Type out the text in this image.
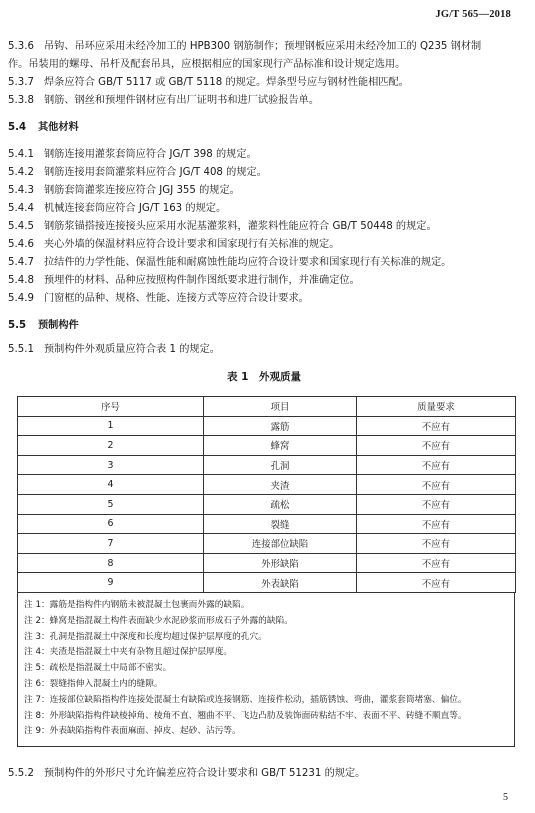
JG/T 565—2018
5.3.6 吊钩、吊环应采用未经冷加工的 HPB300 钢筋制作；预埋钢板应采用未经冷加工的 Q235 钢材制
作。吊装用的螺母、吊杆及配套吊具，应根据相应的国家现行产品标准和设计规定选用。
5.3.7 焊条应符合 GB/T 5117 或 GB/T 5118 的规定。焊条型号应与钢材性能相匹配。
5.3.8 钢筋、钢丝和预埋件钢材应有出厂证明书和进厂试验报告单。
5.4 其他材料
5.4.1 钢筋连接用灌浆套筒应符合 JG/T 398 的规定。
5.4.2 钢筋连接用套筒灌浆料应符合 JG/T 408 的规定。
5.4.3 钢筋套筒灌浆连接应符合 JGJ 355 的规定。
5.4.4 机械连接套筒应符合 JG/T 163 的规定。
5.4.5 钢筋浆锚搭接连接接头应采用水泥基灌浆料，灌浆料性能应符合 GB/T 50448 的规定。
5.4.6 夹心外墙的保温材料应符合设计要求和国家现行有关标准的规定。
5.4.7 拉结件的力学性能、保温性能和耐腐蚀性能均应符合设计要求和国家现行有关标准的规定。
5.4.8 预埋件的材料、品种应按照构件制作图纸要求进行制作，并准确定位。
5.4.9 门窗框的品种、规格、性能、连接方式等应符合设计要求。
5.5 预制构件
5.5.1 预制构件外观质量应符合表 1 的规定。
表 1　外观质量
序号	项目	质量要求
1	露筋	不应有
2	蜂窝	不应有
3	孔洞	不应有
4	夹渣	不应有
5	疏松	不应有
6	裂缝	不应有
7	连接部位缺陷	不应有
8	外形缺陷	不应有
9	外表缺陷	不应有
注 1：露筋是指构件内钢筋未被混凝土包裹而外露的缺陷。
注 2：蜂窝是指混凝土构件表面缺少水泥砂浆而形成石子外露的缺陷。
注 3：孔洞是指混凝土中深度和长度均超过保护层厚度的孔穴。
注 4：夹渣是指混凝土中夹有杂物且超过保护层厚度。
注 5：疏松是指混凝土中局部不密实。
注 6：裂缝指伸入混凝土内的缝隙。
注 7：连接部位缺陷指构件连接处混凝土有缺陷或连接钢筋、连接件松动，插筋锈蚀、弯曲，灌浆套筒堵塞、偏位。
注 8：外形缺陷指构件缺棱掉角、棱角不直、翘曲不平、飞边凸肋及装饰面砖粘结不牢、表面不平、砖缝不顺直等。
注 9：外表缺陷指构件表面麻面、掉皮、起砂、沾污等。
5.5.2 预制构件的外形尺寸允许偏差应符合设计要求和 GB/T 51231 的规定。
5
